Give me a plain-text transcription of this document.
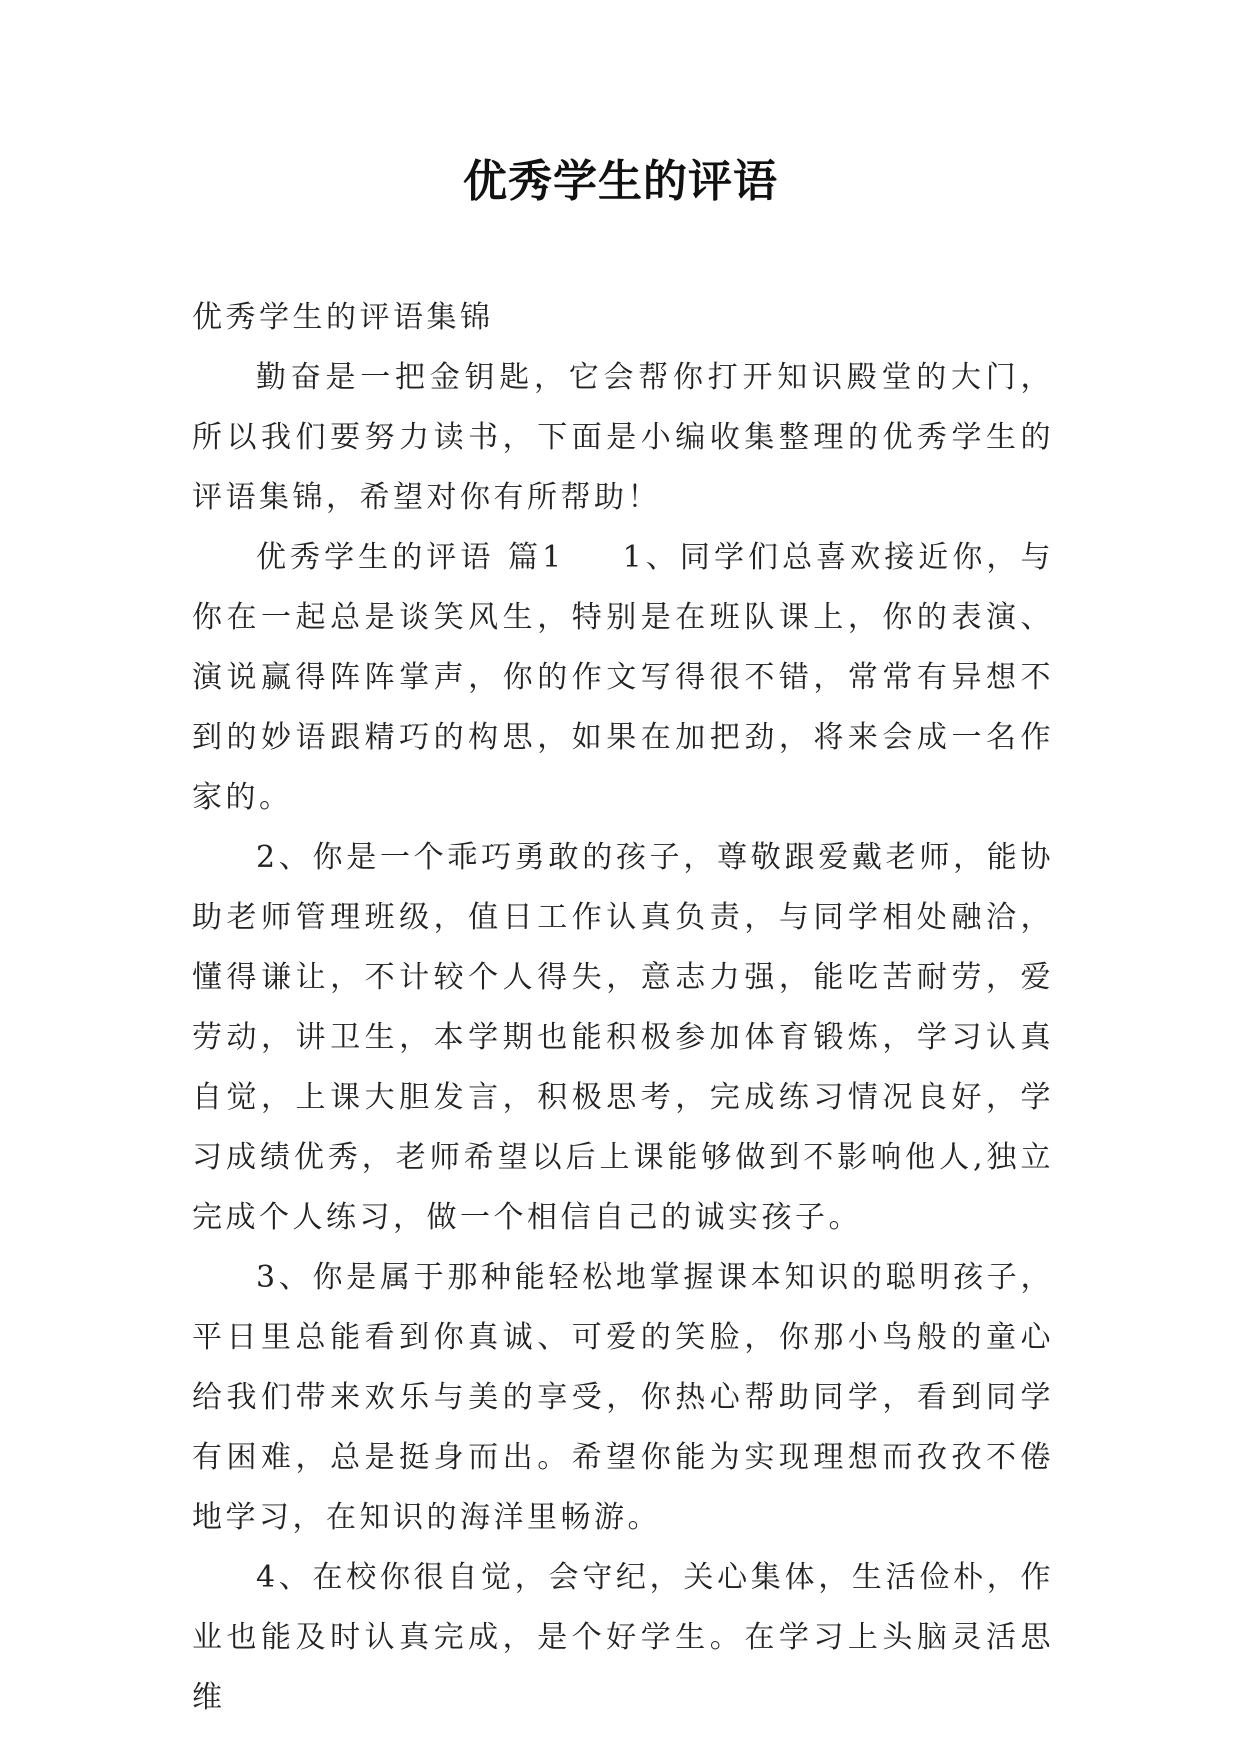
优秀学生的评语

优秀学生的评语集锦

勤奋是一把金钥匙，它会帮你打开知识殿堂的大门，所以我们要努力读书，下面是小编收集整理的优秀学生的评语集锦，希望对你有所帮助！

优秀学生的评语 篇1 1、同学们总喜欢接近你，与你在一起总是谈笑风生，特别是在班队课上，你的表演、演说赢得阵阵掌声，你的作文写得很不错，常常有异想不到的妙语跟精巧的构思，如果在加把劲，将来会成一名作家的。

2、你是一个乖巧勇敢的孩子，尊敬跟爱戴老师，能协助老师管理班级，值日工作认真负责，与同学相处融洽，懂得谦让，不计较个人得失，意志力强，能吃苦耐劳，爱劳动，讲卫生，本学期也能积极参加体育锻炼，学习认真自觉，上课大胆发言，积极思考，完成练习情况良好，学习成绩优秀，老师希望以后上课能够做到不影响他人,独立完成个人练习，做一个相信自己的诚实孩子。

3、你是属于那种能轻松地掌握课本知识的聪明孩子，平日里总能看到你真诚、可爱的笑脸，你那小鸟般的童心给我们带来欢乐与美的享受，你热心帮助同学，看到同学有困难，总是挺身而出。希望你能为实现理想而孜孜不倦地学习，在知识的海洋里畅游。

4、在校你很自觉，会守纪，关心集体，生活俭朴，作业也能及时认真完成，是个好学生。在学习上头脑灵活思维
